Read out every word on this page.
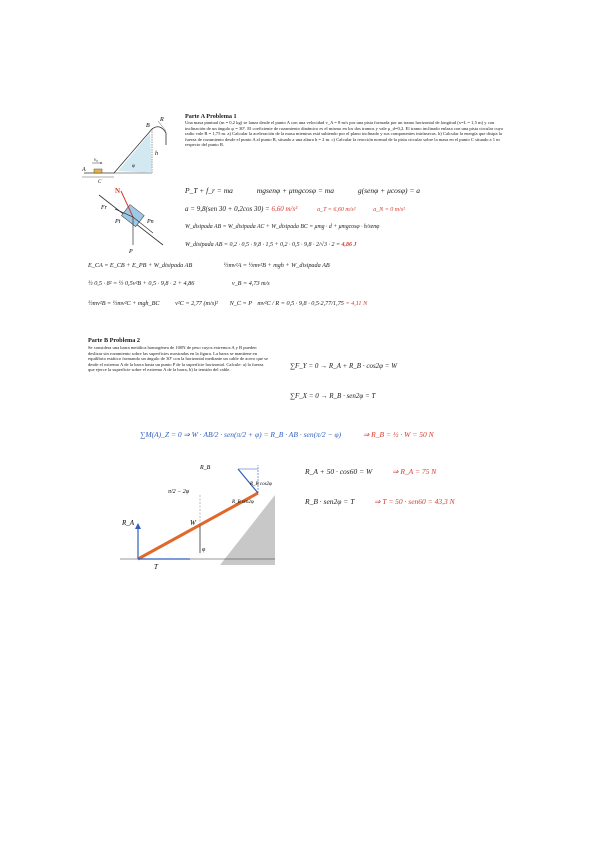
A
v₀
B
R
h
C
φ
Parte A Problema 1
Una masa puntual (m = 0,2 kg) se lanza desde el punto A con una velocidad v_A = 8 m/s por una pista formada por un tramo horizontal de longitud (x=L = 1,5 m) y con inclinación de un ángulo φ = 30º. El coeficiente de rozamiento dinámico es el mismo en los dos tramos y vale μ_d=0,2. El tramo inclinado enlaza con una pista circular cuyo radio vale R = 1,75 m. a) Calcular la aceleración de la masa mientras está subiendo por el plano inclinado y sus componentes intrínsecas. b) Calcular la energía que disipa la fuerza de rozamiento desde el punto A al punto B, situado a una altura h = 2 m. c) Calcular la reacción normal de la pista circular sobre la masa en el punto C situado a 1 m respecto del punto B.
N
Fr
Pt	Pn
P
P_T + f_r = ma	mgsenφ + μmgcosφ = ma	g(senφ + μcosφ) = a
a = 9,8(sen 30 + 0,2cos 30) = 6,60 m/s²	a_T = 6,60 m/s²	a_N = 0 m/s²
W_disipada AB = W_disipada AC + W_disipada BC = μmg · d + μmgcosφ · h/senφ
W_disipada AB = 0,2 · 0,5 · 9,8 · 1,5 + 0,2 · 0,5 · 9,8 · 2/√3 · 2 = 4,86 J
E_CA = E_CB + E_PB + W_disipada AB	½mv²A = ½mv²B + mgh + W_disipada AB
½ 0,5 · 8² = ½ 0,5v²B + 0,5 · 9,8 · 2 + 4,86	v_B = 4,73 m/s
½mv²B = ½mv²C + mgh_BC	v²C = 2,77 (m/s)² N_C = P mv²C / R = 0,5 · 9,8 · 0,5·2,77/1,75 = 4,11 N
Parte B Problema 2
Se considera una barra metálica homogénea de 100N de peso cuyos extremos A y B pueden deslizar sin rozamiento sobre las superficies mostradas en la figura. La barra se mantiene en equilibrio estático formando un ángulo de 30º con la horizontal mediante un cable de acero que se desde el extremo A de la barra hasta un punto P de la superficie horizontal. Calcule: a) la fuerza que ejerce la superficie sobre el extremo A de la barra, b) la tensión del cable.	∑F_Y = 0 → R_A + R_B · cos2φ = W
∑F_X = 0 → R_B · sen2φ = T
∑M(A)_Z = 0 ⇒ W · AB/2 · sen(π/2 + φ) = R_B · AB · sen(π/2 − φ)	⇒ R_B = ½ · W = 50 N
R_A
T
W
R_B
π/2 − 2φ
R_B cos2φ
R_B sen2φ
φ
R_A + 50 · cos60 = W	⇒ R_A = 75 N
R_B · sen2φ = T	⇒ T = 50 · sen60 = 43,3 N
